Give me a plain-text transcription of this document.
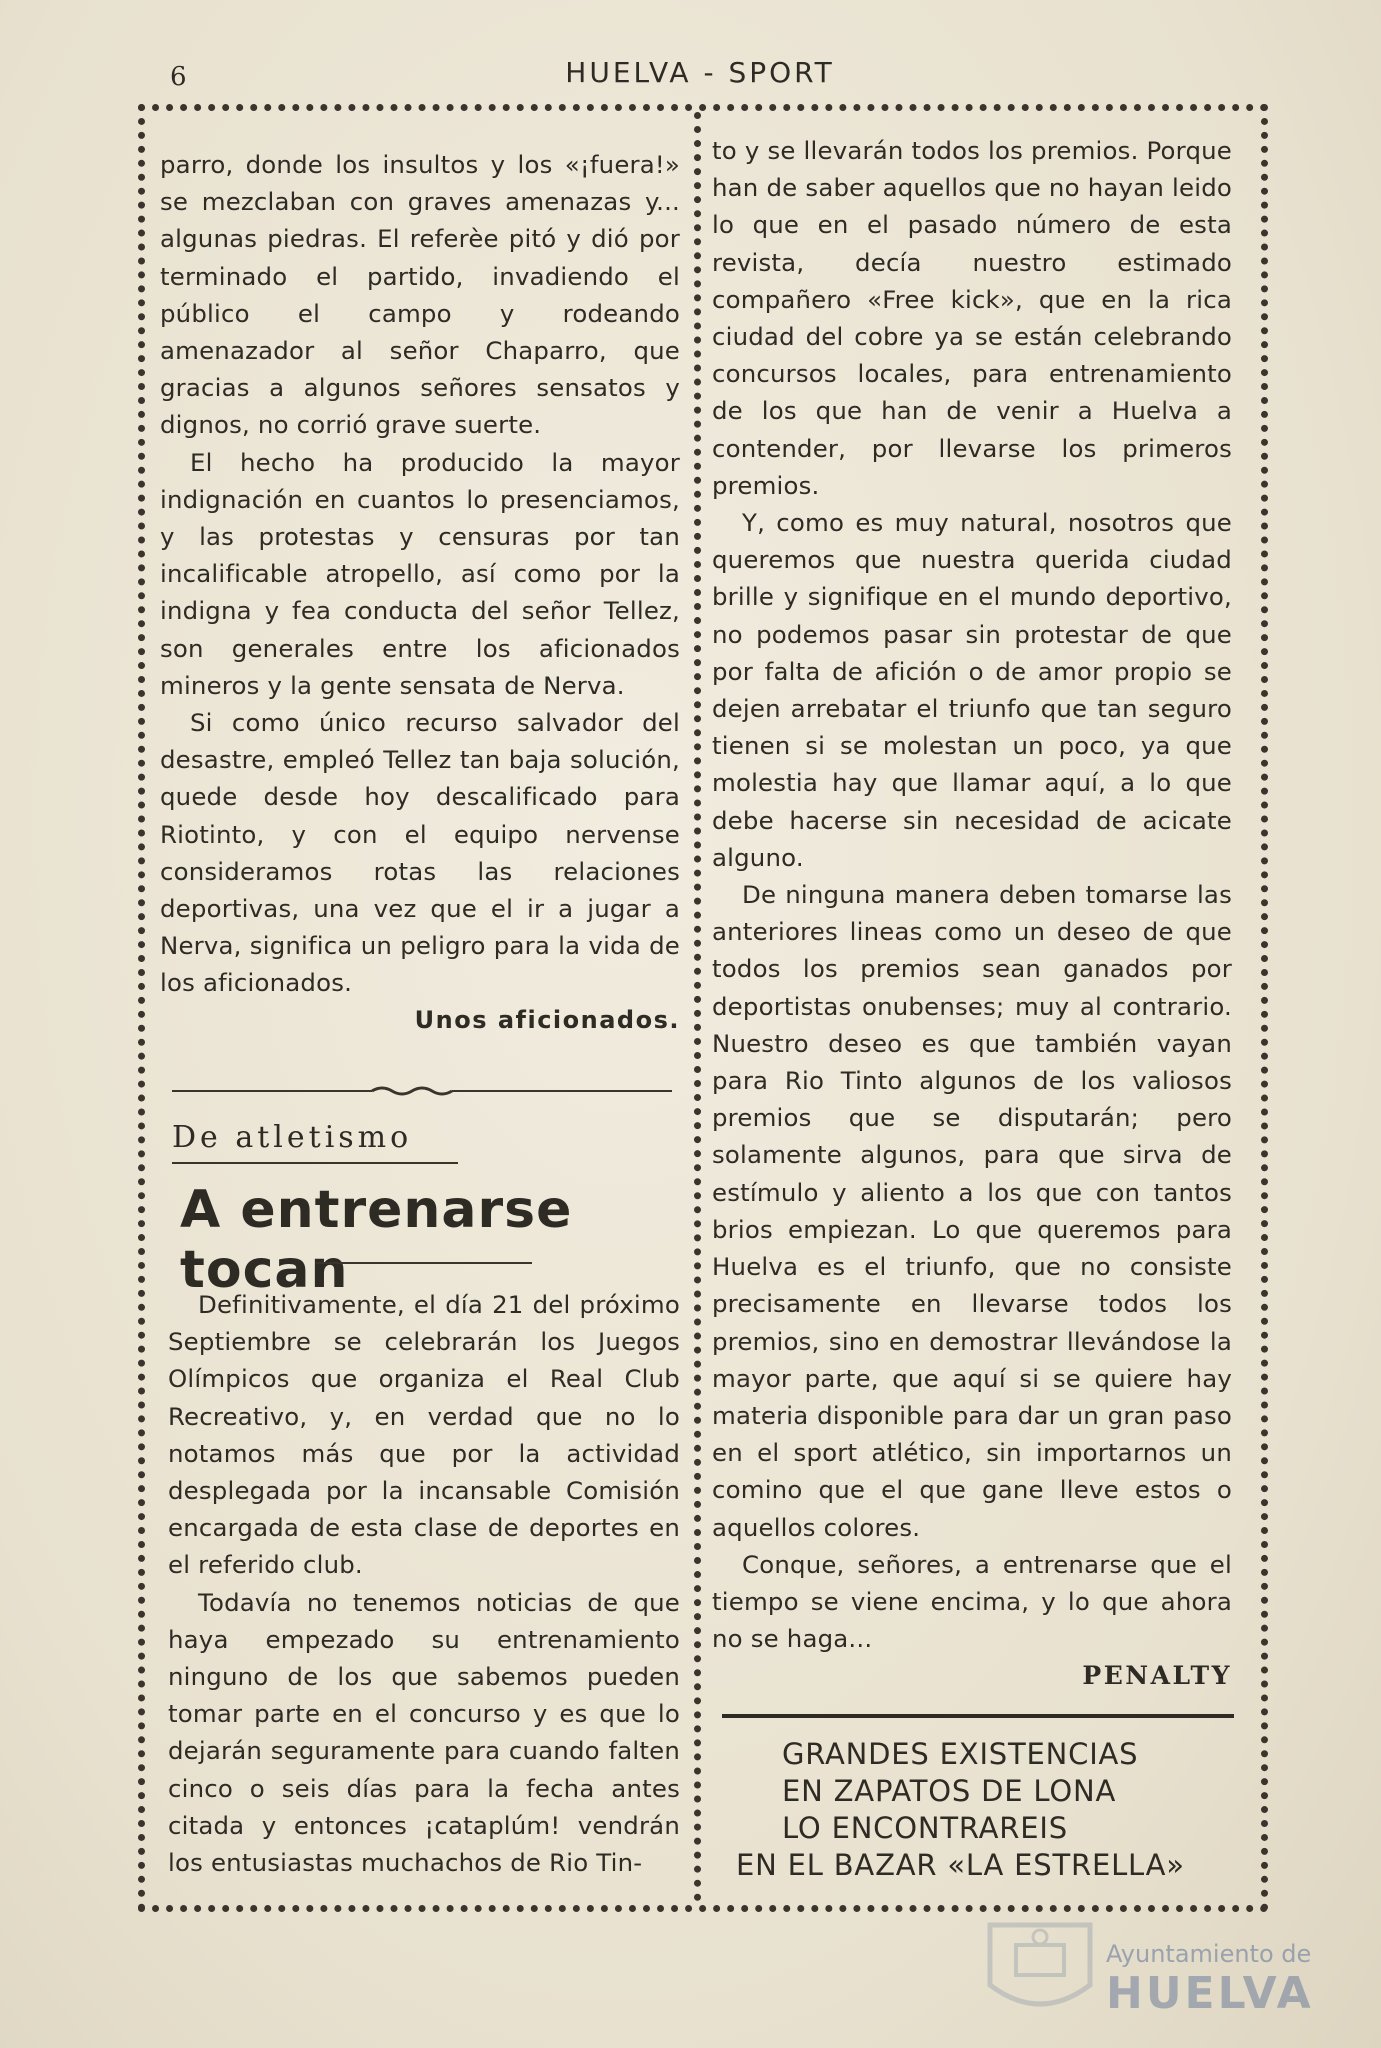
6	HUELVA - SPORT

parro, donde los insultos y los «¡fuera!» se mezclaban con graves amenazas y... algunas piedras. El referèe pitó y dió por terminado el partido, invadiendo el público el campo y rodeando amenazador al señor Chaparro, que gracias a algunos señores sensatos y dignos, no corrió grave suerte.

El hecho ha producido la mayor indignación en cuantos lo presenciamos, y las protestas y censuras por tan incalificable atropello, así como por la indigna y fea conducta del señor Tellez, son generales entre los aficionados mineros y la gente sensata de Nerva.

Si como único recurso salvador del desastre, empleó Tellez tan baja solución, quede desde hoy descalificado para Riotinto, y con el equipo nervense consideramos rotas las relaciones deportivas, una vez que el ir a jugar a Nerva, significa un peligro para la vida de los aficionados.

Unos aficionados.

De atletismo
A entrenarse tocan

Definitivamente, el día 21 del próximo Septiembre se celebrarán los Juegos Olímpicos que organiza el Real Club Recreativo, y, en verdad que no lo notamos más que por la actividad desplegada por la incansable Comisión encargada de esta clase de deportes en el referido club.

Todavía no tenemos noticias de que haya empezado su entrenamiento ninguno de los que sabemos pueden tomar parte en el concurso y es que lo dejarán seguramente para cuando falten cinco o seis días para la fecha antes citada y entonces ¡cataplúm! vendrán los entusiastas muchachos de Rio Tin-

to y se llevarán todos los premios. Porque han de saber aquellos que no hayan leido lo que en el pasado número de esta revista, decía nuestro estimado compañero «Free kick», que en la rica ciudad del cobre ya se están celebrando concursos locales, para entrenamiento de los que han de venir a Huelva a contender, por llevarse los primeros premios.

Y, como es muy natural, nosotros que queremos que nuestra querida ciudad brille y signifique en el mundo deportivo, no podemos pasar sin protestar de que por falta de afición o de amor propio se dejen arrebatar el triunfo que tan seguro tienen si se molestan un poco, ya que molestia hay que llamar aquí, a lo que debe hacerse sin necesidad de acicate alguno.

De ninguna manera deben tomarse las anteriores lineas como un deseo de que todos los premios sean ganados por deportistas onubenses; muy al contrario. Nuestro deseo es que también vayan para Rio Tinto algunos de los valiosos premios que se disputarán; pero solamente algunos, para que sirva de estímulo y aliento a los que con tantos brios empiezan. Lo que queremos para Huelva es el triunfo, que no consiste precisamente en llevarse todos los premios, sino en demostrar llevándose la mayor parte, que aquí si se quiere hay materia disponible para dar un gran paso en el sport atlético, sin importarnos un comino que el que gane lleve estos o aquellos colores.

Conque, señores, a entrenarse que el tiempo se viene encima, y lo que ahora no se haga...

PENALTY

GRANDES EXISTENCIAS
EN ZAPATOS DE LONA
LO ENCONTRAREIS
EN EL BAZAR «LA ESTRELLA»
Ayuntamiento de
HUELVA
